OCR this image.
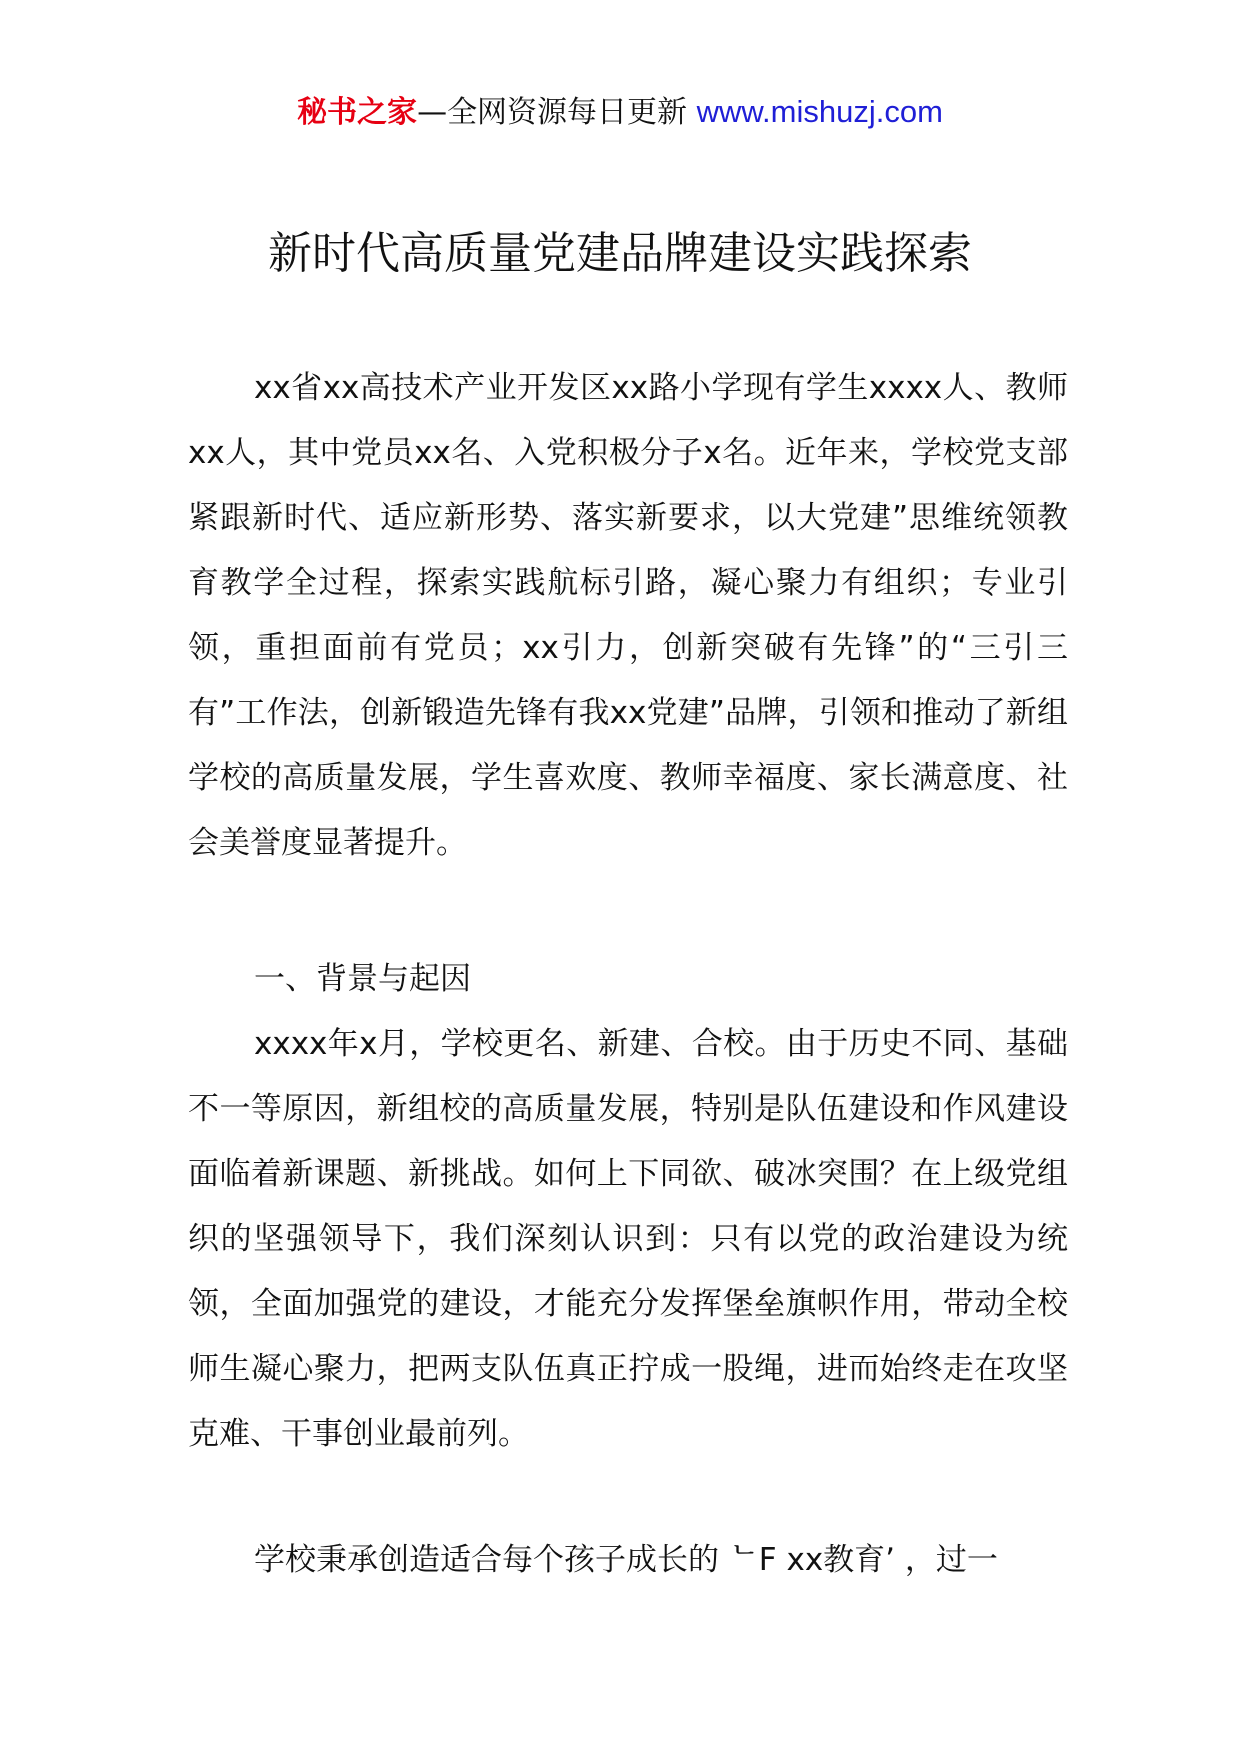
秘书之家—全网资源每日更新 www.mishuzj.com
新时代高质量党建品牌建设实践探索

xx省xx高技术产业开发区xx路小学现有学生xxxx人、教师xx人，其中党员xx名、入党积极分子x名。近年来，学校党支部紧跟新时代、适应新形势、落实新要求，以大党建”思维统领教育教学全过程，探索实践航标引路，凝心聚力有组织；专业引领，重担面前有党员；xx引力，创新突破有先锋”的“三引三有”工作法，创新锻造先锋有我xx党建”品牌，引领和推动了新组学校的高质量发展，学生喜欢度、教师幸福度、家长满意度、社会美誉度显著提升。

一、背景与起因

xxxx年x月，学校更名、新建、合校。由于历史不同、基础不一等原因，新组校的高质量发展，特别是队伍建设和作风建设面临着新课题、新挑战。如何上下同欲、破冰突围？在上级党组织的坚强领导下，我们深刻认识到：只有以党的政治建设为统领，全面加强党的建设，才能充分发挥堡垒旗帜作用，带动全校师生凝心聚力，把两支队伍真正拧成一股绳，进而始终走在攻坚克难、干事创业最前列。

学校秉承创造适合每个孩子成长的 ᄂF xx教育’ ，过一
